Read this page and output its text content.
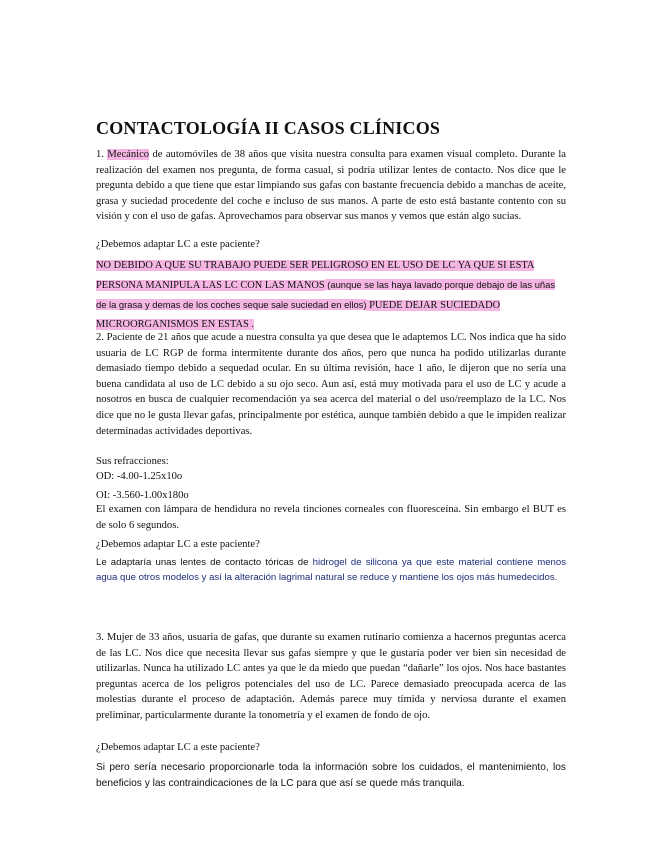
CONTACTOLOGÍA II CASOS CLÍNICOS

1. Mecánico de automóviles de 38 años que visita nuestra consulta para examen visual completo. Durante la realización del examen nos pregunta, de forma casual, si podría utilizar lentes de contacto. Nos dice que le pregunta debido a que tiene que estar limpiando sus gafas con bastante frecuencia debido a manchas de aceite, grasa y suciedad procedente del coche e incluso de sus manos. A parte de esto está bastante contento con su visión y con el uso de gafas. Aprovechamos para observar sus manos y vemos que están algo sucias.

¿Debemos adaptar LC a este paciente?

NO DEBIDO A QUE SU TRABAJO PUEDE SER PELIGROSO EN EL USO DE LC YA QUE SI ESTA PERSONA MANIPULA LAS LC CON LAS MANOS (aunque se las haya lavado porque debajo de las uñas de la grasa y demas de los coches seque sale suciedad en ellos) PUEDE DEJAR SUCIEDADO MICROORGANISMOS EN ESTAS .

2. Paciente de 21 años que acude a nuestra consulta ya que desea que le adaptemos LC. Nos indica que ha sido usuaria de LC RGP de forma intermitente durante dos años, pero que nunca ha podido utilizarlas durante demasiado tiempo debido a sequedad ocular. En su última revisión, hace 1 año, le dijeron que no sería una buena candidata al uso de LC debido a su ojo seco. Aun así, está muy motivada para el uso de LC y acude a nosotros en busca de cualquier recomendación ya sea acerca del material o del uso/reemplazo de la LC. Nos dice que no le gusta llevar gafas, principalmente por estética, aunque también debido a que le impiden realizar determinadas actividades deportivas.

Sus refracciones:

OD: -4.00-1.25x10o

OI: -3.560-1.00x180o

El examen con lámpara de hendidura no revela tinciones corneales con fluoresceína. Sin embargo el BUT es de solo 6 segundos.

¿Debemos adaptar LC a este paciente?

Le adaptaría unas lentes de contacto tóricas de hidrogel de silicona ya que este material contiene menos agua que otros modelos y así la alteración lagrimal natural se reduce y mantiene los ojos más humedecidos.

3. Mujer de 33 años, usuaria de gafas, que durante su examen rutinario comienza a hacernos preguntas acerca de las LC. Nos dice que necesita llevar sus gafas siempre y que le gustaría poder ver bien sin necesidad de utilizarlas. Nunca ha utilizado LC antes ya que le da miedo que puedan “dañarle” los ojos. Nos hace bastantes preguntas acerca de los peligros potenciales del uso de LC. Parece demasiado preocupada acerca de las molestias durante el proceso de adaptación. Además parece muy tímida y nerviosa durante el examen preliminar, particularmente durante la tonometría y el examen de fondo de ojo.

¿Debemos adaptar LC a este paciente?

Si pero sería necesario proporcionarle toda la información sobre los cuidados, el mantenimiento, los beneficios y las contraindicaciones de la LC para que así se quede más tranquila.
